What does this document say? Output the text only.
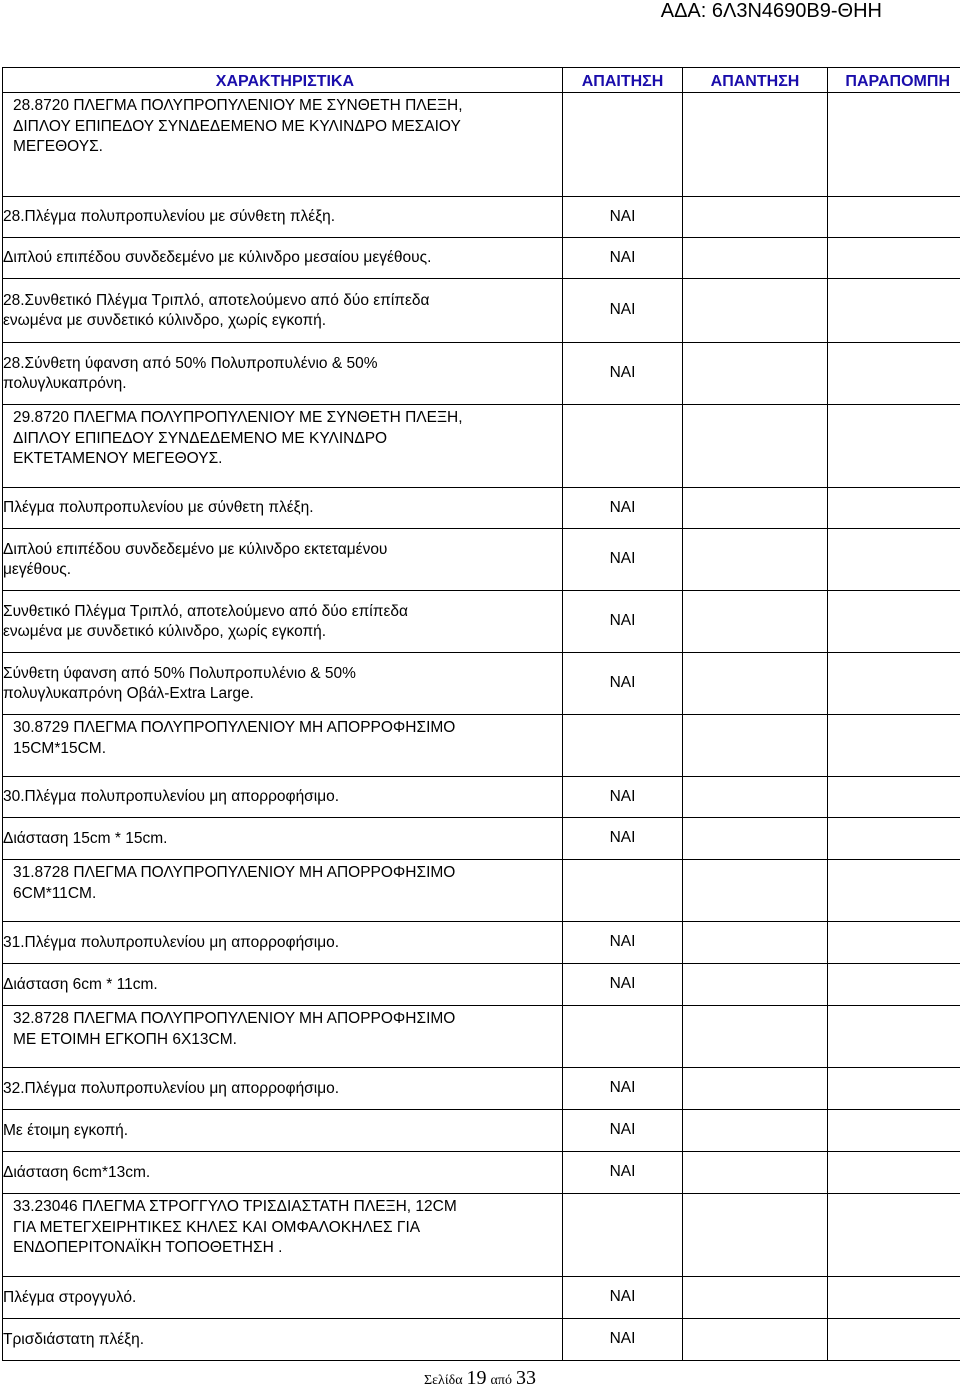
ΑΔΑ: 6Λ3Ν4690Β9-ΘΗΗ
ΧΑΡΑΚΤΗΡΙΣΤΙΚΑ	ΑΠΑΙΤΗΣΗ	ΑΠΑΝΤΗΣΗ	ΠΑΡΑΠΟΜΠΗ

28.8720 ΠΛΕΓΜΑ ΠΟΛΥΠΡΟΠΥΛΕΝΙΟΥ ΜΕ ΣΥΝΘΕΤΗ ΠΛΕΞΗ,
ΔΙΠΛΟΥ ΕΠΙΠΕΔΟΥ ΣΥΝΔΕΔΕΜΕΝΟ ΜΕ ΚΥΛΙΝΔΡΟ ΜΕΣΑΙΟΥ
ΜΕΓΕΘΟΥΣ.			

28.Πλέγμα πολυπροπυλενίου με σύνθετη πλέξη.	ΝΑΙ		

Διπλού επιπέδου συνδεδεμένο με κύλινδρο μεσαίου μεγέθους.	ΝΑΙ		

28.Συνθετικό Πλέγμα Τριπλό, αποτελούμενο από δύο επίπεδα
ενωμένα με συνδετικό κύλινδρο, χωρίς εγκοπή.	ΝΑΙ		

28.Σύνθετη ύφανση από 50% Πολυπροπυλένιο & 50%
πολυγλυκαπρόνη.	ΝΑΙ		

29.8720 ΠΛΕΓΜΑ ΠΟΛΥΠΡΟΠΥΛΕΝΙΟΥ ΜΕ ΣΥΝΘΕΤΗ ΠΛΕΞΗ,
ΔΙΠΛΟΥ ΕΠΙΠΕΔΟΥ ΣΥΝΔΕΔΕΜΕΝΟ ΜΕ ΚΥΛΙΝΔΡΟ
ΕΚΤΕΤΑΜΕΝΟΥ ΜΕΓΕΘΟΥΣ.			

Πλέγμα πολυπροπυλενίου με σύνθετη πλέξη.	ΝΑΙ		

Διπλού επιπέδου συνδεδεμένο με κύλινδρο εκτεταμένου
μεγέθους.	ΝΑΙ		

Συνθετικό Πλέγμα Τριπλό, αποτελούμενο από δύο επίπεδα
ενωμένα με συνδετικό κύλινδρο, χωρίς εγκοπή.	ΝΑΙ		

Σύνθετη ύφανση από 50% Πολυπροπυλένιο & 50%
πολυγλυκαπρόνη Οβάλ-Extra Large.	ΝΑΙ		

30.8729 ΠΛΕΓΜΑ ΠΟΛΥΠΡΟΠΥΛΕΝΙΟΥ ΜΗ ΑΠΟΡΡΟΦΗΣΙΜΟ
15CM*15CM.			

30.Πλέγμα πολυπροπυλενίου μη απορροφήσιμο.	ΝΑΙ		

Διάσταση 15cm * 15cm.	ΝΑΙ		

31.8728 ΠΛΕΓΜΑ ΠΟΛΥΠΡΟΠΥΛΕΝΙΟΥ ΜΗ ΑΠΟΡΡΟΦΗΣΙΜΟ
6CM*11CM.			

31.Πλέγμα πολυπροπυλενίου μη απορροφήσιμο.	ΝΑΙ		

Διάσταση 6cm * 11cm.	ΝΑΙ		

32.8728 ΠΛΕΓΜΑ ΠΟΛΥΠΡΟΠΥΛΕΝΙΟΥ ΜΗ ΑΠΟΡΡΟΦΗΣΙΜΟ
ΜΕ ΕΤΟΙΜΗ ΕΓΚΟΠΗ 6Χ13CM.			

32.Πλέγμα πολυπροπυλενίου μη απορροφήσιμο.	ΝΑΙ		

Με έτοιμη εγκοπή.	ΝΑΙ		

Διάσταση 6cm*13cm.	ΝΑΙ		

33.23046 ΠΛΕΓΜΑ ΣΤΡΟΓΓΥΛΟ ΤΡΙΣΔΙΑΣΤΑΤΗ ΠΛΕΞΗ, 12CM
ΓΙΑ ΜΕΤΕΓΧΕΙΡΗΤΙΚΕΣ ΚΗΛΕΣ ΚΑΙ ΟΜΦΑΛΟΚΗΛΕΣ ΓΙΑ
ΕΝΔΟΠΕΡΙΤΟΝΑΪΚΗ ΤΟΠΟΘΕΤΗΣΗ .			

Πλέγμα στρογγυλό.	ΝΑΙ		

Τρισδιάστατη πλέξη.	ΝΑΙ		
Σελίδα 19 από 33
